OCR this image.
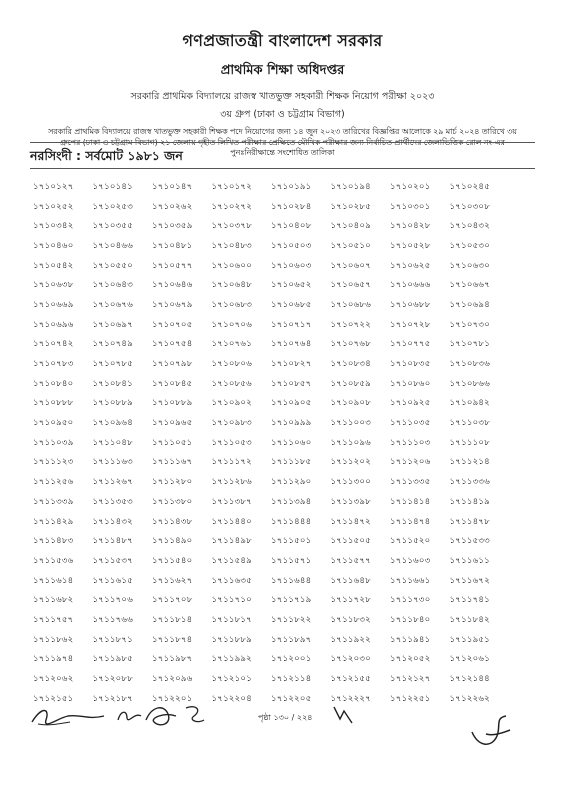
গণপ্রজাতন্ত্রী বাংলাদেশ সরকার
প্রাথমিক শিক্ষা অধিদপ্তর
সরকারি প্রাথমিক বিদ্যালয়ে রাজস্ব খাতভুক্ত সহকারী শিক্ষক নিয়োগ পরীক্ষা ২০২৩
৩য় গ্রুপ (ঢাকা ও চট্টগ্রাম বিভাগ)
সরকারি প্রাথমিক বিদ্যালয়ে রাজস্ব খাতভুক্ত সহকারী শিক্ষক পদে নিয়োগের জন্য ১৪ জুন ২০২৩ তারিখের বিজ্ঞপ্তির আলোকে ২৯ মার্চ ২০২৪ তারিখে ৩য় গ্রুপের (ঢাকা ও চট্টগ্রাম বিভাগ) ২১ জেলায় গৃহীত লিখিত পরীক্ষার প্রেক্ষিতে মৌখিক পরীক্ষার জন্য নির্বাচিত প্রার্থীদের জেলাভিত্তিক রোল নং-এর পুনঃনিরীক্ষান্তে সংশোধিত তালিকা
নরসিংদী : সর্বমোট ১৯৮১ জন
১৭১০১২৭	১৭১০১৪১	১৭১০১৪৭	১৭১০১৭২	১৭১০১৯১	১৭১০১৯৪	১৭১০২০১	১৭১০২৪৫
১৭১০২৫২	১৭১০২৫৩	১৭১০২৬২	১৭১০২৭২	১৭১০২৮৪	১৭১০২৮৫	১৭১০৩০১	১৭১০৩০৮
১৭১০৩৪২	১৭১০৩৫৫	১৭১০৩৫৯	১৭১০৩৭৮	১৭১০৪০৮	১৭১০৪০৯	১৭১০৪২৮	১৭১০৪৩২
১৭১০৪৬০	১৭১০৪৬৬	১৭১০৪৮১	১৭১০৪৮৩	১৭১০৫০৩	১৭১০৫১০	১৭১০৫২৮	১৭১০৫৩০
১৭১০৫৪২	১৭১০৫৫০	১৭১০৫৭৭	১৭১০৬০০	১৭১০৬০৩	১৭১০৬০৭	১৭১০৬২৫	১৭১০৬৩০
১৭১০৬৩৮	১৭১০৬৪৩	১৭১০৬৪৬	১৭১০৬৪৮	১৭১০৬৫২	১৭১০৬৫৭	১৭১০৬৬৬	১৭১০৬৬৭
১৭১০৬৬৯	১৭১০৬৭৬	১৭১০৬৭৯	১৭১০৬৮৩	১৭১০৬৮৫	১৭১০৬৮৬	১৭১০৬৮৮	১৭১০৬৯৪
১৭১০৬৯৬	১৭১০৬৯৭	১৭১০৭০৫	১৭১০৭০৬	১৭১০৭১৭	১৭১০৭২২	১৭১০৭২৮	১৭১০৭৩০
১৭১০৭৪২	১৭১০৭৪৯	১৭১০৭৫৪	১৭১০৭৬১	১৭১০৭৬৪	১৭১০৭৬৮	১৭১০৭৭৫	১৭১০৭৮১
১৭১০৭৮৩	১৭১০৭৮৫	১৭১০৭৯৮	১৭১০৮০৬	১৭১০৮২৭	১৭১০৮৩৪	১৭১০৮৩৫	১৭১০৮৩৬
১৭১০৮৪০	১৭১০৮৪১	১৭১০৮৪৫	১৭১০৮৫৬	১৭১০৮৫৭	১৭১০৮৫৯	১৭১০৮৬০	১৭১০৮৬৬
১৭১০৮৮৮	১৭১০৮৮৯	১৭১০৮৮৯	১৭১০৯০২	১৭১০৯০৫	১৭১০৯০৮	১৭১০৯২৫	১৭১০৯৪২
১৭১০৯৫০	১৭১০৯৬৪	১৭১০৯৬৫	১৭১০৯৮৩	১৭১০৯৯৯	১৭১১০০৩	১৭১১০৩৫	১৭১১০৩৮
১৭১১০৩৯	১৭১১০৪৮	১৭১১০৫১	১৭১১০৫৩	১৭১১০৬০	১৭১১০৯৬	১৭১১১০৩	১৭১১১০৮
১৭১১১২৩	১৭১১১৬৩	১৭১১১৬৭	১৭১১১৭২	১৭১১১৮৫	১৭১১২০২	১৭১১২০৬	১৭১১২১৪
১৭১১২৫৬	১৭১১২৬৭	১৭১১২৮০	১৭১১২৮৬	১৭১১২৯০	১৭১১৩০০	১৭১১৩৩৫	১৭১১৩৩৬
১৭১১৩৩৯	১৭১১৩৫৩	১৭১১৩৮০	১৭১১৩৮৭	১৭১১৩৯৪	১৭১১৩৯৮	১৭১১৪১৪	১৭১১৪১৯
১৭১১৪২৯	১৭১১৪৩২	১৭১১৪৩৮	১৭১১৪৪০	১৭১১৪৪৪	১৭১১৪৭২	১৭১১৪৭৪	১৭১১৪৭৮
১৭১১৪৮৩	১৭১১৪৮৭	১৭১১৪৯০	১৭১১৪৯৮	১৭১১৫০১	১৭১১৫০৫	১৭১১৫২০	১৭১১৫৩৩
১৭১১৫৩৬	১৭১১৫৩৭	১৭১১৫৪০	১৭১১৫৪৯	১৭১১৫৭১	১৭১১৫৭৭	১৭১১৬০৩	১৭১১৬১১
১৭১১৬১৪	১৭১১৬১৫	১৭১১৬২৭	১৭১১৬৩৫	১৭১১৬৪৪	১৭১১৬৪৮	১৭১১৬৬১	১৭১১৬৭২
১৭১১৬৮২	১৭১১৭০৬	১৭১১৭০৮	১৭১১৭১০	১৭১১৭১৯	১৭১১৭২৮	১৭১১৭৩০	১৭১১৭৪১
১৭১১৭৫৭	১৭১১৭৬৬	১৭১১৮১৪	১৭১১৮১৭	১৭১১৮২২	১৭১১৮৩২	১৭১১৮৪০	১৭১১৮৪২
১৭১১৮৬২	১৭১১৮৭১	১৭১১৮৭৪	১৭১১৮৮৯	১৭১১৮৯৭	১৭১১৯২২	১৭১১৯৪১	১৭১১৯৫১
১৭১১৯৭৪	১৭১১৯৮৫	১৭১১৯৮৭	১৭১১৯৯২	১৭১২০০১	১৭১২০৩০	১৭১২০৫২	১৭১২০৬১
১৭১২০৬২	১৭১২০৮৮	১৭১২০৯৬	১৭১২১০১	১৭১২১১৪	১৭১২১৫৫	১৭১২১২৭	১৭১২১৪৪
১৭১২১৫১	১৭১২১৮৭	১৭১২২০১	১৭১২২০৪	১৭১২২০৫	১৭১২২২৭	১৭১২২৫১	১৭১২২৬২
পৃষ্ঠা ১৩০ / ২২৪
